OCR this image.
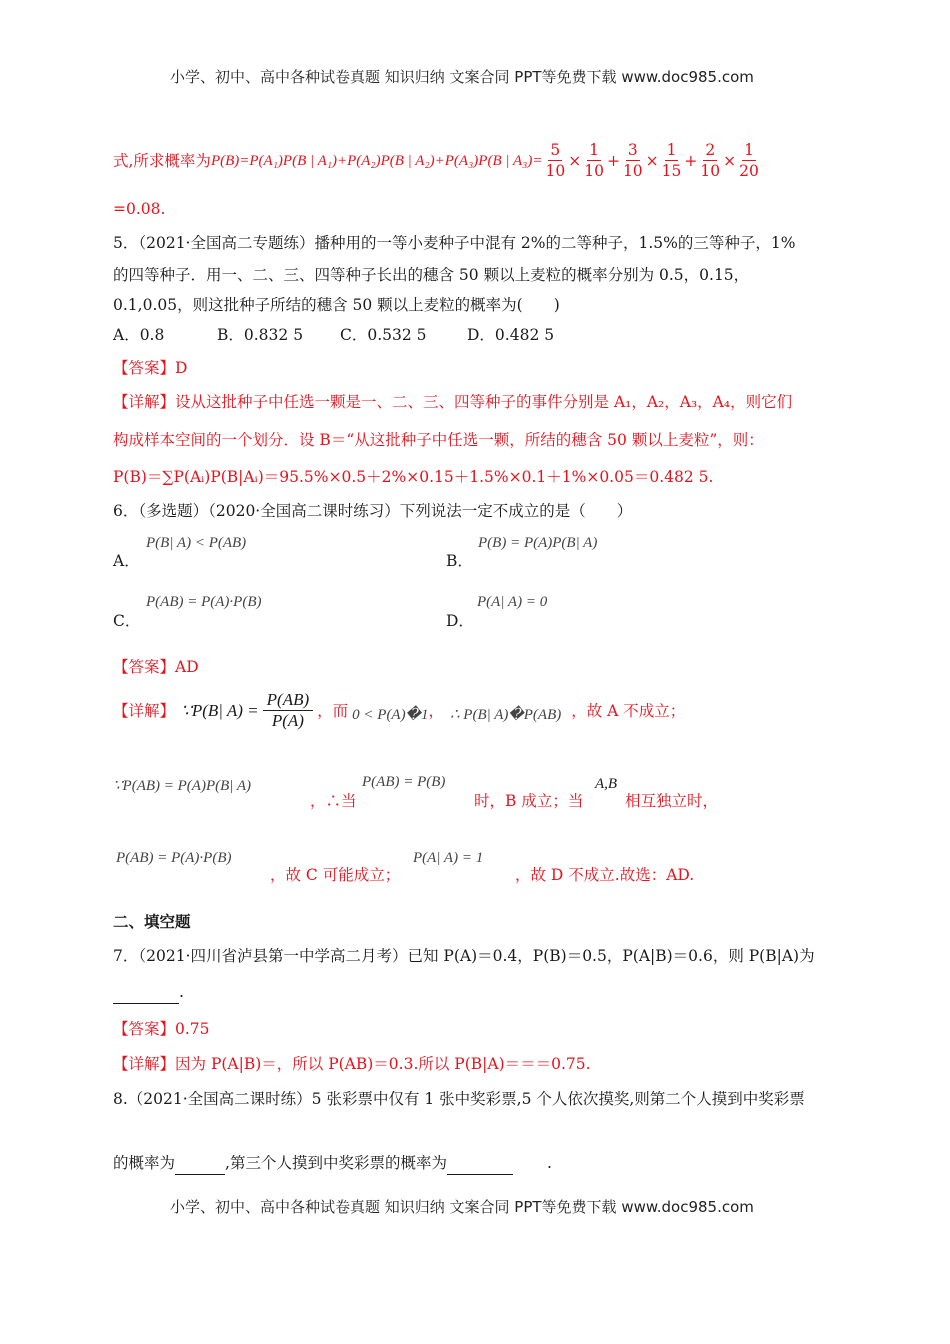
小学、初中、高中各种试卷真题 知识归纳 文案合同 PPT等免费下载 www.doc985.com
式,所求概率为 P(B)=P(A₁)P(B | A₁)+P(A₂)P(B | A₂)+P(A₃)P(B | $A_3)= \frac{5}{10} \times \frac{1}{10} + \frac{3}{10} \times \frac{1}{15} + \frac{2}{10} \times \frac{1}{20}$
=0.08.
5．（2021·全国高二专题练）播种用的一等小麦种子中混有 2%的二等种子，1.5%的三等种子，1%
的四等种子．用一、二、三、四等种子长出的穗含 50 颗以上麦粒的概率分别为 0.5，0.15，
0.1,0.05，则这批种子所结的穗含 50 颗以上麦粒的概率为(　　)
A．0.8	B．0.832 5 C．0.532 5	D．0.482 5
【答案】D
【详解】设从这批种子中任选一颗是一、二、三、四等种子的事件分别是 A₁，A₂，A₃，A₄，则它们
构成样本空间的一个划分．设 B＝“从这批种子中任选一颗，所结的穗含 50 颗以上麦粒”，则：
P(B)＝∑P(Aᵢ)P(B|Aᵢ)＝95.5%×0.5＋2%×0.15＋1.5%×0.1＋1%×0.05＝0.482 5.
6．（多选题）（2020·全国高二课时练习）下列说法一定不成立的是（　　）
P(B| A) < P(AB)
A．
P(B) = P(A)P(B| A)
B．
P(AB) = P(A)·P(B)
C．
P(A| A) = 0
D．
【答案】AD
【详解】 ∵P(B| $A) = \frac{P(AB)}{P(A)}$ ，而 0 < P(A)�1 ， ∴ P(B| A)�P(AB) ，故 A 不成立；
∵P(AB) = P(A)P(B| A)
，∴当
P(AB) = P(B)
时，B 成立；当
A,B
相互独立时，
P(AB) = P(A)·P(B)
，故 C 可能成立；
P(A| A) = 1
，故 D 不成立.故选：AD.
二、填空题
7．（2021·四川省泸县第一中学高二月考）已知 P(A)＝0.4，P(B)＝0.5，P(A|B)＝0.6，则 P(B|A)为
.
【答案】0.75
【详解】因为 P(A|B)＝，所以 P(AB)＝0.3.所以 P(B|A)＝＝＝0.75.
8.（2021·全国高二课时练）5 张彩票中仅有 1 张中奖彩票,5 个人依次摸奖,则第二个人摸到中奖彩票
的概率为	,第三个人摸到中奖彩票的概率为	.
小学、初中、高中各种试卷真题 知识归纳 文案合同 PPT等免费下载 www.doc985.com
